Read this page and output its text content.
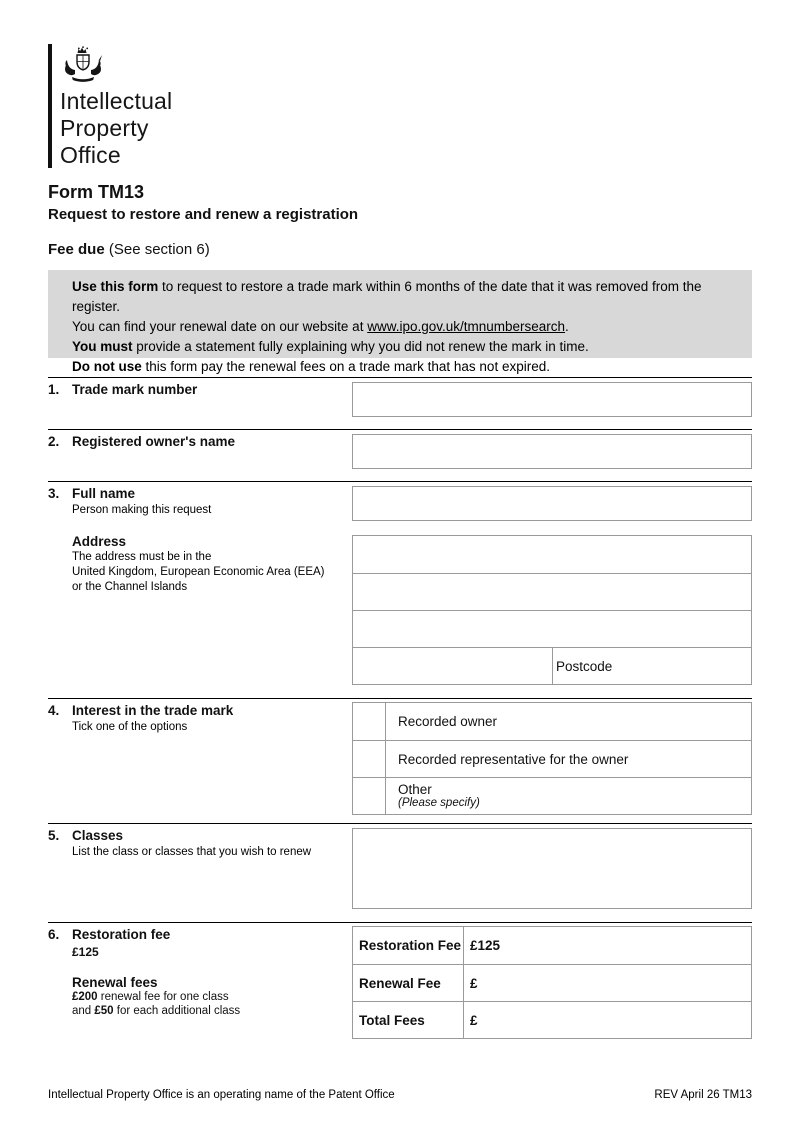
Intellectual
Property
Office
Form TM13
Request to restore and renew a registration
Fee due (See section 6)

Use this form to request to restore a trade mark within 6 months of the date that it was removed from the register.

You can find your renewal date on our website at www.ipo.gov.uk/tmnumbersearch.

You must provide a statement fully explaining why you did not renew the mark in time.

Do not use this form pay the renewal fees on a trade mark that has not expired.

1. Trade mark number
2. Registered owner's name
3. Full name
Person making this request
Address
The address must be in the
United Kingdom, European Economic Area (EEA)
or the Channel Islands
Postcode
4. Interest in the trade mark
Tick one of the options	Recorded owner
Recorded representative for the owner
Other
(Please specify)
5. Classes
List the class or classes that you wish to renew
6. Restoration fee
£125
Renewal fees
£200 renewal fee for one class
and £50 for each additional class
Restoration Fee £125
Renewal Fee	£
Total Fees	£
Intellectual Property Office is an operating name of the Patent Office	REV April 26 TM13
